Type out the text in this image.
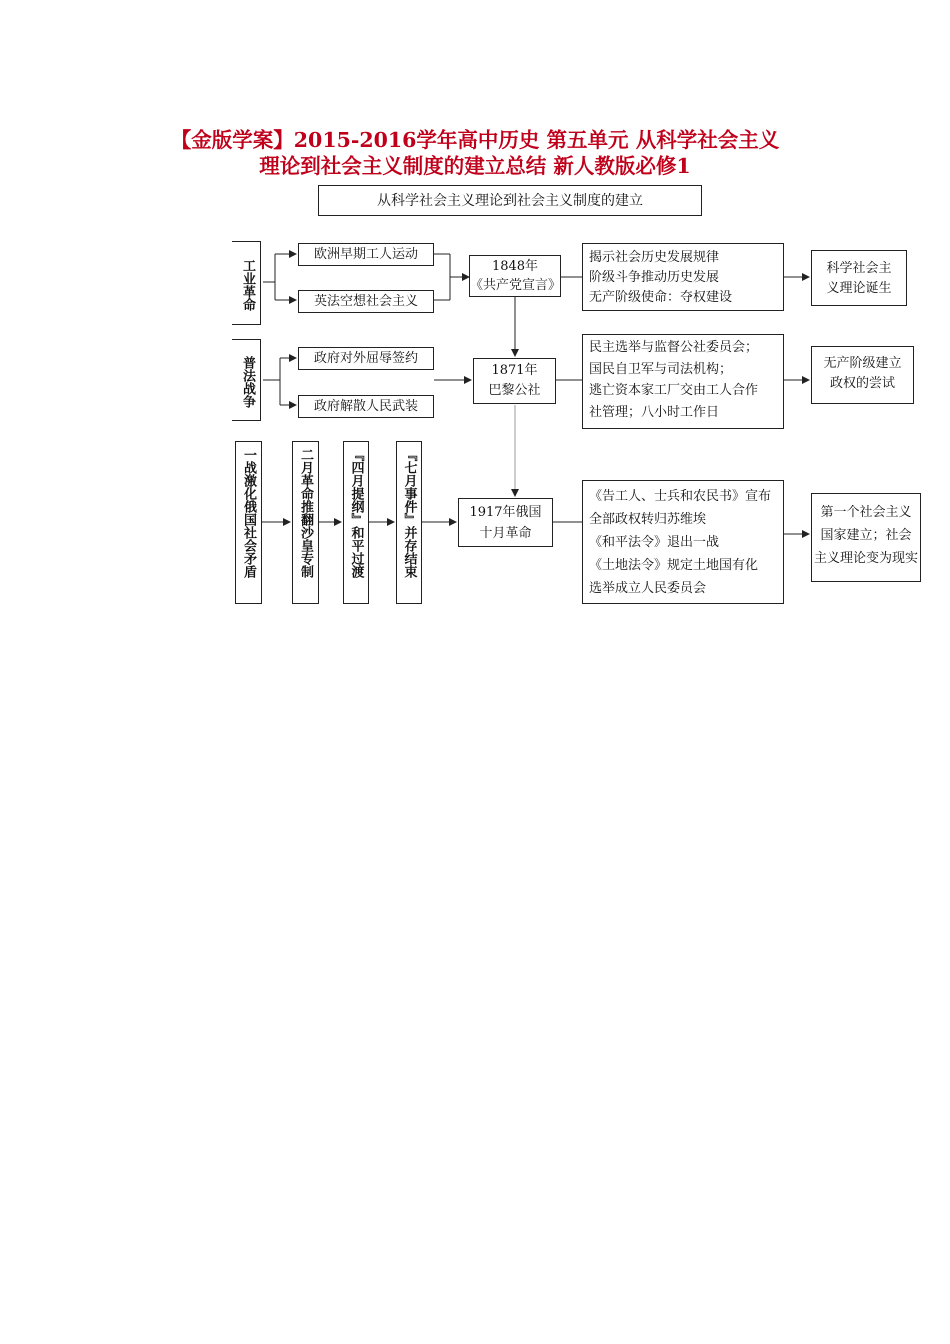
【金版学案】2015-2016学年高中历史 第五单元 从科学社会主义
理论到社会主义制度的建立总结 新人教版必修1
从科学社会主义理论到社会主义制度的建立
工业革命
欧洲早期工人运动
英法空想社会主义
1848年
《共产党宣言》
揭示社会历史发展规律
阶级斗争推动历史发展
无产阶级使命：夺权建设
科学社会主
义理论诞生
普法战争	政府对外屈辱签约
政府解散人民武装
1871年
巴黎公社
民主选举与监督公社委员会；
国民自卫军与司法机构；
逃亡资本家工厂交由工人合作
社管理；八小时工作日
无产阶级建立
政权的尝试
一战激化俄国社会矛盾	二月革命推翻沙皇专制	『四月提纲』和平过渡	『七月事件』并存结束	1917年俄国
十月革命
《告工人、士兵和农民书》宣布
全部政权转归苏维埃
《和平法令》退出一战
《土地法令》规定土地国有化
选举成立人民委员会
第一个社会主义
国家建立；社会
主义理论变为现实
